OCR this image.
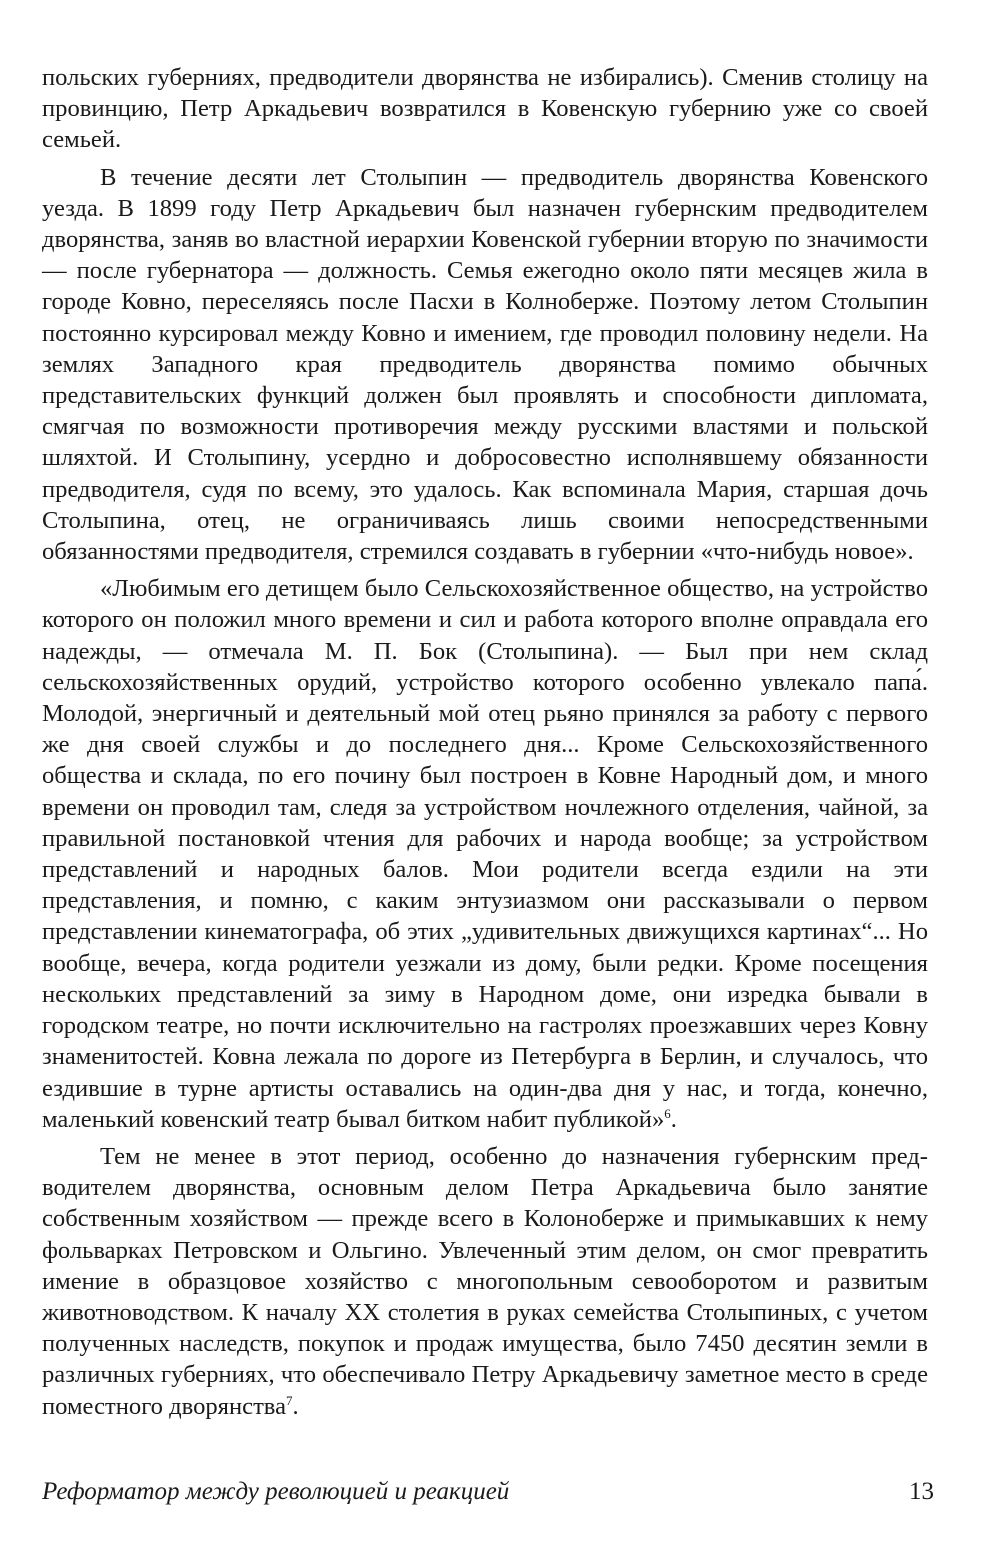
польских губерниях, предводители дворянства не избирались). Сменив столицу на провинцию, Петр Аркадьевич возвратился в Ковенскую губернию уже со своей семьей.

В течение десяти лет Столыпин — предводитель дворянства Ковенского уезда. В 1899 году Петр Аркадьевич был назначен губернским предводителем дворянства, заняв во властной иерархии Ковенской губернии вторую по значимости — после губернатора — должность. Семья ежегодно около пяти месяцев жила в городе Ковно, переселяясь после Пасхи в Колноберже. Поэтому летом Столыпин постоянно курсировал между Ковно и имением, где проводил половину недели. На землях Западного края предводитель дворянства помимо обычных представительских функций должен был проявлять и способности дипломата, смягчая по возможности противоречия между русскими властями и польской шляхтой. И Столыпину, усердно и добросовестно исполнявшему обязанности предводителя, судя по всему, это удалось. Как вспоминала Мария, старшая дочь Столыпина, отец, не ограничиваясь лишь своими непосредственными обязанностями предводителя, стремился создавать в губернии «что-нибудь новое».

«Любимым его детищем было Сельскохозяйственное общество, на устройство которого он положил много времени и сил и работа которого вполне оправдала его надежды, — отмечала М. П. Бок (Столыпина). — Был при нем склад сельскохозяйственных орудий, устройство которого особенно увлекало папа́. Молодой, энергичный и деятельный мой отец рьяно принялся за работу с первого же дня своей службы и до последнего дня... Кроме Сельскохозяйственного общества и склада, по его почину был построен в Ковне Народный дом, и много времени он проводил там, следя за устройством ночлежного отделения, чайной, за правильной постановкой чтения для рабочих и народа вообще; за устройством представлений и народных балов. Мои родители всегда ездили на эти представления, и помню, с каким энтузиазмом они рассказывали о первом представлении кинематографа, об этих „удивительных движущихся картинах“... Но вообще, вечера, когда родители уезжали из дому, были редки. Кроме посещения нескольких представлений за зиму в Народном доме, они изредка бывали в городском театре, но почти исключительно на гастролях проезжавших через Ковну знаменитостей. Ковна лежала по дороге из Петербурга в Берлин, и случалось, что ездившие в турне артисты оставались на один-два дня у нас, и тогда, конечно, маленький ковенский театр бывал битком набит публикой»$^6$.

Тем не менее в этот период, особенно до назначения губернским предводителем дворянства, основным делом Петра Аркадьевича было занятие собственным хозяйством — прежде всего в Колоноберже и примыкавших к нему фольварках Петровском и Ольгино. Увлеченный этим делом, он смог превратить имение в образцовое хозяйство с многопольным севооборотом и развитым животноводством. К началу XX столетия в руках семейства Столыпиных, с учетом полученных наследств, покупок и продаж имущества, было 7450 десятин земли в различных губерниях, что обеспечивало Петру Аркадьевичу заметное место в среде поместного дворянства$^7$.

Реформатор между революцией и реакцией	13
